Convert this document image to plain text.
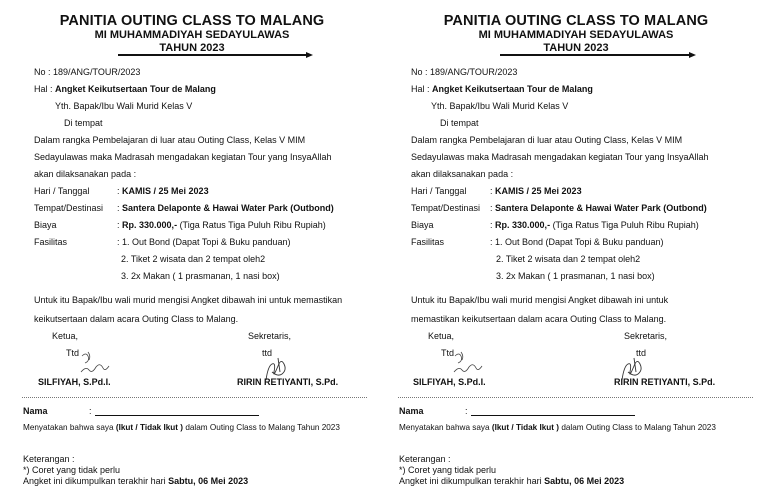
PANITIA OUTING CLASS TO MALANG
MI MUHAMMADIYAH SEDAYULAWAS
TAHUN 2023
No : 189/ANG/TOUR/2023
Hal : Angket Keikutsertaan Tour de Malang
Yth. Bapak/Ibu Wali Murid Kelas V
Di tempat
Dalam rangka Pembelajaran di luar atau Outing Class, Kelas V MIM
Sedayulawas maka Madrasah mengadakan kegiatan Tour yang InsyaAllah
akan dilaksanakan pada :
Hari / Tanggal	: KAMIS / 25 Mei 2023
Tempat/Destinasi : Santera Delaponte & Hawai Water Park (Outbond)
Biaya	: Rp. 330.000,- (Tiga Ratus Tiga Puluh Ribu Rupiah)
Fasilitas	: 1. Out Bond (Dapat Topi & Buku panduan)
2. Tiket 2 wisata dan 2 tempat oleh2
3. 2x Makan ( 1 prasmanan, 1 nasi box)
Untuk itu Bapak/Ibu wali murid mengisi Angket dibawah ini untuk memastikan
keikutsertaan dalam acara Outing Class to Malang.
Ketua,	Sekretaris,
Ttd	ttd
SILFIYAH, S.Pd.I.	RIRIN RETIYANTI, S.Pd.
Nama	:
Menyatakan bahwa saya (Ikut / Tidak Ikut ) dalam Outing Class to Malang Tahun 2023
Keterangan :
*) Coret yang tidak perlu
Angket ini dikumpulkan terakhir hari Sabtu, 06 Mei 2023
PANITIA OUTING CLASS TO MALANG
MI MUHAMMADIYAH SEDAYULAWAS
TAHUN 2023
No : 189/ANG/TOUR/2023
Hal : Angket Keikutsertaan Tour de Malang
Yth. Bapak/Ibu Wali Murid Kelas V
Di tempat
Dalam rangka Pembelajaran di luar atau Outing Class, Kelas V MIM
Sedayulawas maka Madrasah mengadakan kegiatan Tour yang InsyaAllah
akan dilaksanakan pada :
Hari / Tanggal	: KAMIS / 25 Mei 2023
Tempat/Destinasi : Santera Delaponte & Hawai Water Park (Outbond)
Biaya	: Rp. 330.000,- (Tiga Ratus Tiga Puluh Ribu Rupiah)
Fasilitas	: 1. Out Bond (Dapat Topi & Buku panduan)
2. Tiket 2 wisata dan 2 tempat oleh2
3. 2x Makan ( 1 prasmanan, 1 nasi box)
Untuk itu Bapak/Ibu wali murid mengisi Angket dibawah ini untuk
memastikan keikutsertaan dalam acara Outing Class to Malang.
Ketua,	Sekretaris,
Ttd	ttd
SILFIYAH, S.Pd.I.	RIRIN RETIYANTI, S.Pd.
Nama	:
Menyatakan bahwa saya (Ikut / Tidak Ikut ) dalam Outing Class to Malang Tahun 2023
Keterangan :
*) Coret yang tidak perlu
Angket ini dikumpulkan terakhir hari Sabtu, 06 Mei 2023
